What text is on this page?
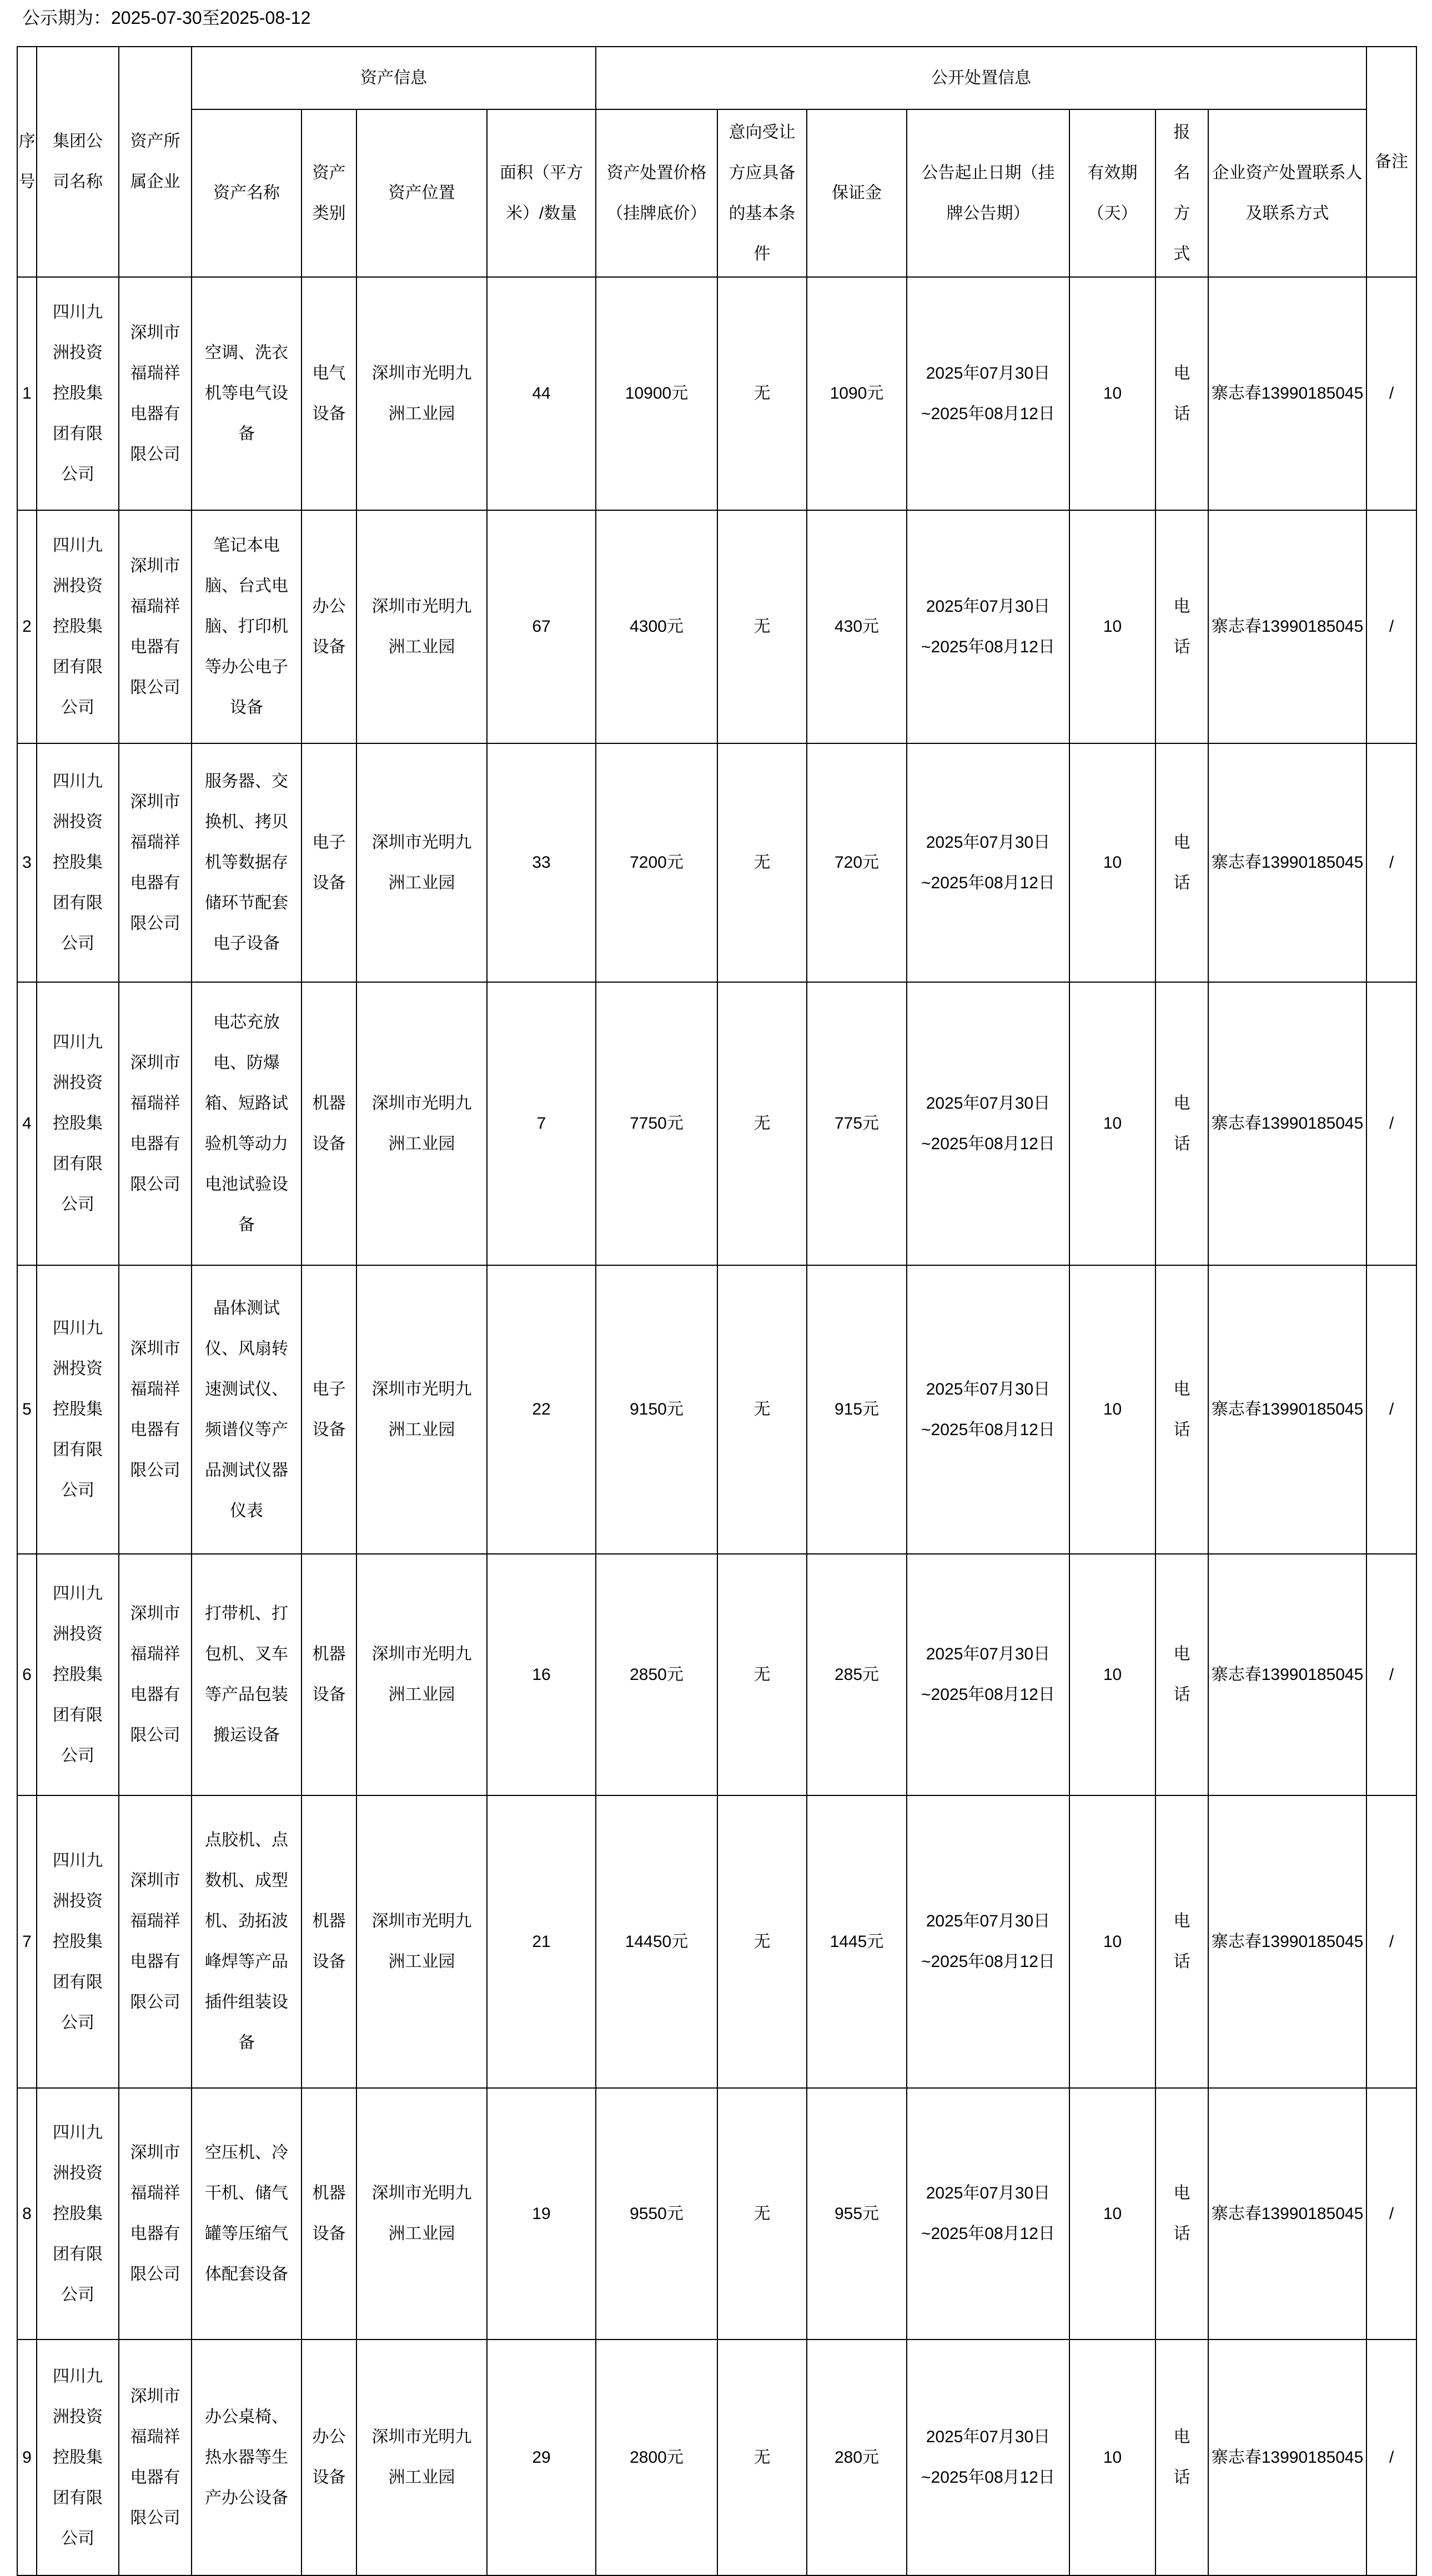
公示期为：2025-07-30至2025-08-12
序号	集团公司名称	资产所属企业	资产信息				公开处置信息							备注
			资产名称	资产类别	资产位置	面积（平方米）/数量	资产处置价格（挂牌底价）	意向受让方应具备的基本条件	保证金	公告起止日期（挂牌公告期）	有效期（天）	报名方式	企业资产处置联系人及联系方式	
1	四川九洲投资控股集团有限公司	深圳市福瑞祥电器有限公司	空调、洗衣机等电气设备	电气设备	深圳市光明九洲工业园	44	10900元	无	1090元	2025年07月30日~2025年08月12日	10	电话	寨志春13990185045	/
2	四川九洲投资控股集团有限公司	深圳市福瑞祥电器有限公司	笔记本电脑、台式电脑、打印机等办公电子设备	办公设备	深圳市光明九洲工业园	67	4300元	无	430元	2025年07月30日~2025年08月12日	10	电话	寨志春13990185045	/
3	四川九洲投资控股集团有限公司	深圳市福瑞祥电器有限公司	服务器、交换机、拷贝机等数据存储环节配套电子设备	电子设备	深圳市光明九洲工业园	33	7200元	无	720元	2025年07月30日~2025年08月12日	10	电话	寨志春13990185045	/
4	四川九洲投资控股集团有限公司	深圳市福瑞祥电器有限公司	电芯充放电、防爆箱、短路试验机等动力电池试验设备	机器设备	深圳市光明九洲工业园	7	7750元	无	775元	2025年07月30日~2025年08月12日	10	电话	寨志春13990185045	/
5	四川九洲投资控股集团有限公司	深圳市福瑞祥电器有限公司	晶体测试仪、风扇转速测试仪、频谱仪等产品测试仪器仪表	电子设备	深圳市光明九洲工业园	22	9150元	无	915元	2025年07月30日~2025年08月12日	10	电话	寨志春13990185045	/
6	四川九洲投资控股集团有限公司	深圳市福瑞祥电器有限公司	打带机、打包机、叉车等产品包装搬运设备	机器设备	深圳市光明九洲工业园	16	2850元	无	285元	2025年07月30日~2025年08月12日	10	电话	寨志春13990185045	/
7	四川九洲投资控股集团有限公司	深圳市福瑞祥电器有限公司	点胶机、点数机、成型机、劲拓波峰焊等产品插件组装设备	机器设备	深圳市光明九洲工业园	21	14450元	无	1445元	2025年07月30日~2025年08月12日	10	电话	寨志春13990185045	/
8	四川九洲投资控股集团有限公司	深圳市福瑞祥电器有限公司	空压机、冷干机、储气罐等压缩气体配套设备	机器设备	深圳市光明九洲工业园	19	9550元	无	955元	2025年07月30日~2025年08月12日	10	电话	寨志春13990185045	/
9	四川九洲投资控股集团有限公司	深圳市福瑞祥电器有限公司	办公桌椅、热水器等生产办公设备	办公设备	深圳市光明九洲工业园	29	2800元	无	280元	2025年07月30日~2025年08月12日	10	电话	寨志春13990185045	/
